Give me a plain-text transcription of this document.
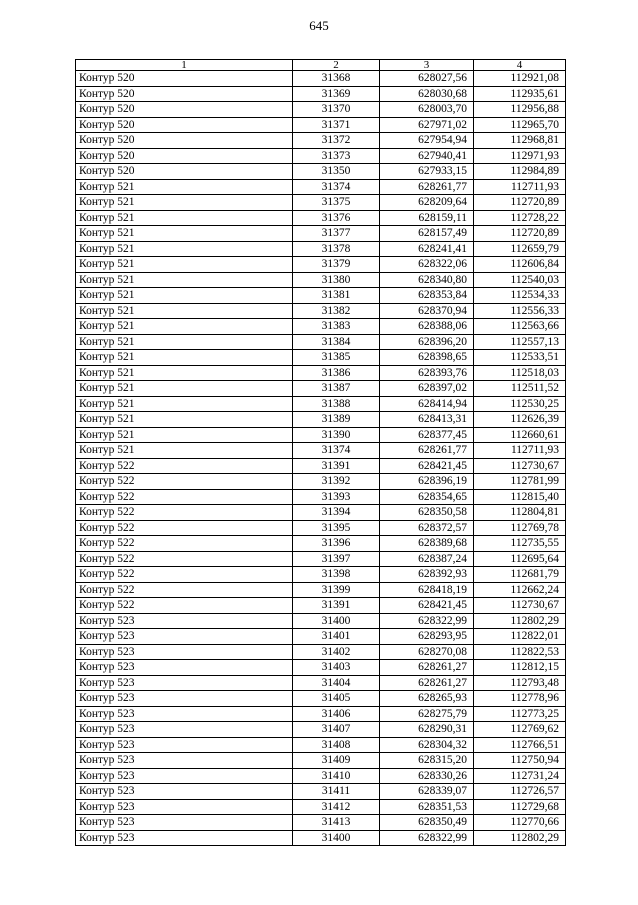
645
1	2	3	4
Контур 520	31368	628027,56	112921,08
Контур 520	31369	628030,68	112935,61
Контур 520	31370	628003,70	112956,88
Контур 520	31371	627971,02	112965,70
Контур 520	31372	627954,94	112968,81
Контур 520	31373	627940,41	112971,93
Контур 520	31350	627933,15	112984,89
Контур 521	31374	628261,77	112711,93
Контур 521	31375	628209,64	112720,89
Контур 521	31376	628159,11	112728,22
Контур 521	31377	628157,49	112720,89
Контур 521	31378	628241,41	112659,79
Контур 521	31379	628322,06	112606,84
Контур 521	31380	628340,80	112540,03
Контур 521	31381	628353,84	112534,33
Контур 521	31382	628370,94	112556,33
Контур 521	31383	628388,06	112563,66
Контур 521	31384	628396,20	112557,13
Контур 521	31385	628398,65	112533,51
Контур 521	31386	628393,76	112518,03
Контур 521	31387	628397,02	112511,52
Контур 521	31388	628414,94	112530,25
Контур 521	31389	628413,31	112626,39
Контур 521	31390	628377,45	112660,61
Контур 521	31374	628261,77	112711,93
Контур 522	31391	628421,45	112730,67
Контур 522	31392	628396,19	112781,99
Контур 522	31393	628354,65	112815,40
Контур 522	31394	628350,58	112804,81
Контур 522	31395	628372,57	112769,78
Контур 522	31396	628389,68	112735,55
Контур 522	31397	628387,24	112695,64
Контур 522	31398	628392,93	112681,79
Контур 522	31399	628418,19	112662,24
Контур 522	31391	628421,45	112730,67
Контур 523	31400	628322,99	112802,29
Контур 523	31401	628293,95	112822,01
Контур 523	31402	628270,08	112822,53
Контур 523	31403	628261,27	112812,15
Контур 523	31404	628261,27	112793,48
Контур 523	31405	628265,93	112778,96
Контур 523	31406	628275,79	112773,25
Контур 523	31407	628290,31	112769,62
Контур 523	31408	628304,32	112766,51
Контур 523	31409	628315,20	112750,94
Контур 523	31410	628330,26	112731,24
Контур 523	31411	628339,07	112726,57
Контур 523	31412	628351,53	112729,68
Контур 523	31413	628350,49	112770,66
Контур 523	31400	628322,99	112802,29
